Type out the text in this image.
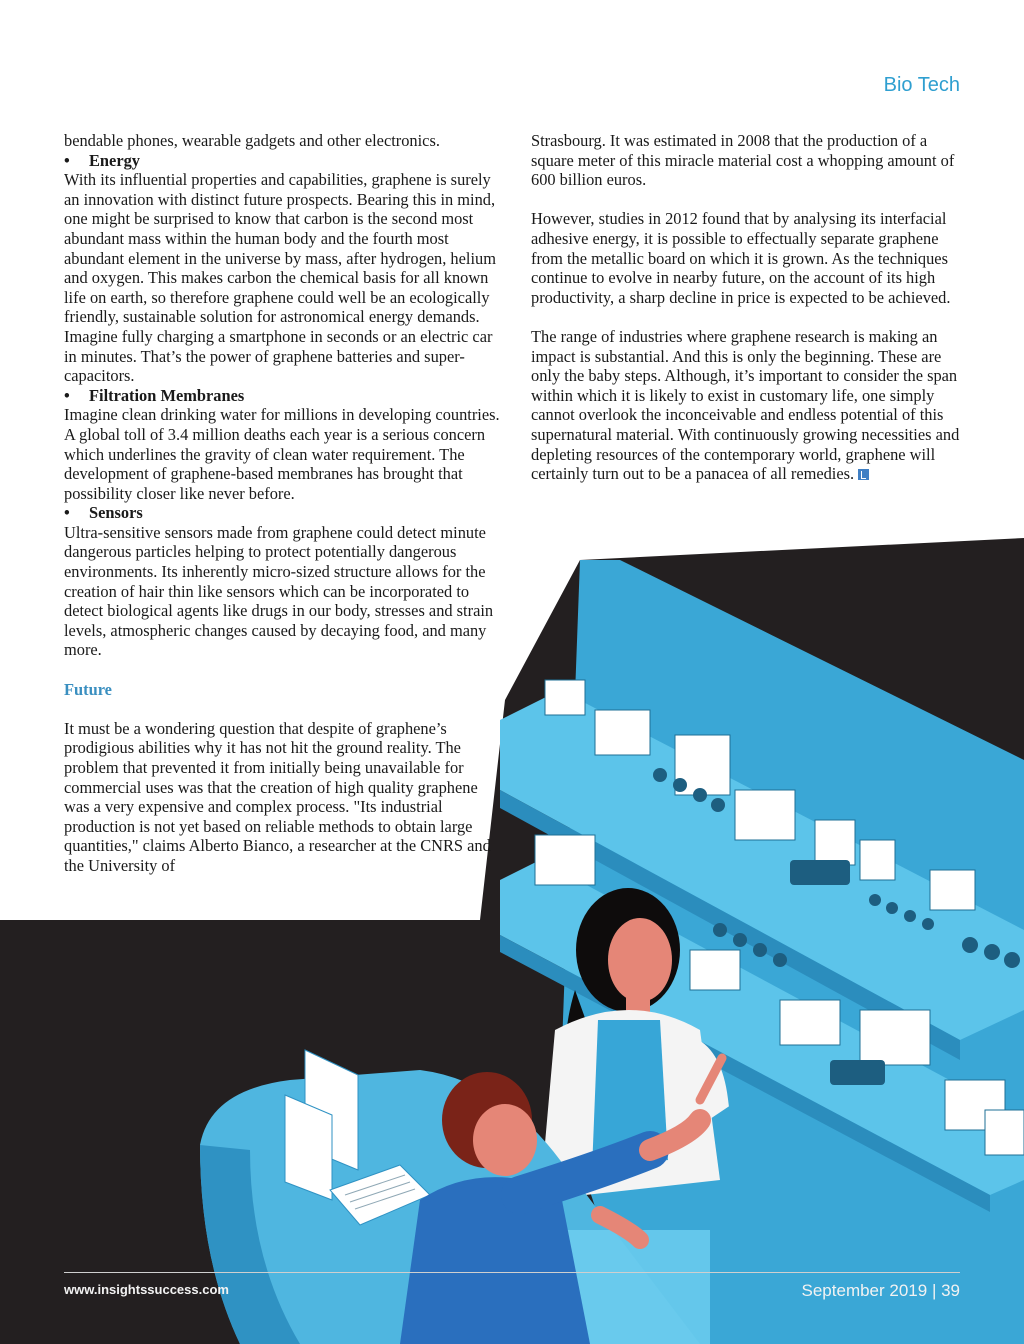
Bio Tech

bendable phones, wearable gadgets and other electronics.

• Energy

With its influential properties and capabilities, graphene is surely an innovation with distinct future prospects. Bearing this in mind, one might be surprised to know that carbon is the second most abundant mass within the human body and the fourth most abundant element in the universe by mass, after hydrogen, helium and oxygen. This makes carbon the chemical basis for all known life on earth, so therefore graphene could well be an ecologically friendly, sustainable solution for astronomical energy demands. Imagine fully charging a smartphone in seconds or an electric car in minutes. That’s the power of graphene batteries and super-capacitors.

• Filtration Membranes

Imagine clean drinking water for millions in developing countries. A global toll of 3.4 million deaths each year is a serious concern which underlines the gravity of clean water requirement. The development of graphene-based membranes has brought that possibility closer like never before.

• Sensors

Ultra-sensitive sensors made from graphene could detect minute dangerous particles helping to protect potentially dangerous environments. Its inherently micro-sized structure allows for the creation of hair thin like sensors which can be incorporated to detect biological agents like drugs in our body, stresses and strain levels, atmospheric changes caused by decaying food, and many more.

Future

It must be a wondering question that despite of graphene’s prodigious abilities why it has not hit the ground reality. The problem that prevented it from initially being unavailable for commercial uses was that the creation of high quality graphene was a very expensive and complex process. "Its industrial production is not yet based on reliable methods to obtain large quantities," claims Alberto Bianco, a researcher at the CNRS and the University of

Strasbourg. It was estimated in 2008 that the production of a square meter of this miracle material cost a whopping amount of 600 billion euros.

However, studies in 2012 found that by analysing its interfacial adhesive energy, it is possible to effectually separate graphene from the metallic board on which it is grown. As the techniques continue to evolve in nearby future, on the account of its high productivity, a sharp decline in price is expected to be achieved.

The range of industries where graphene research is making an impact is substantial. And this is only the beginning. These are only the baby steps. Although, it’s important to consider the span within which it is likely to exist in customary life, one simply cannot overlook the inconceivable and endless potential of this supernatural material. With continuously growing necessities and depleting resources of the contemporary world, graphene will certainly turn out to be a panacea of all remedies.

www.insightssuccess.com	September 2019 | 39
